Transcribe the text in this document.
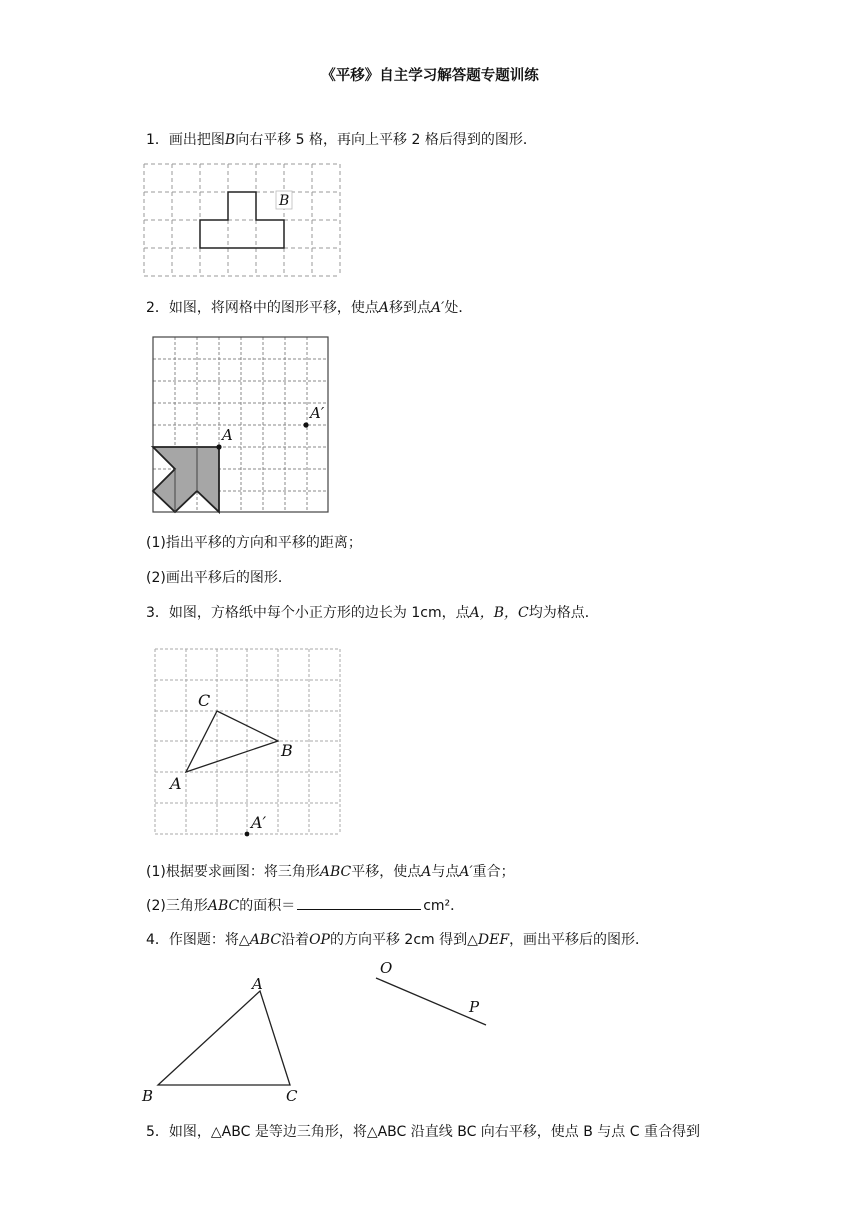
《平移》自主学习解答题专题训练
1．画出把图B向右平移 5 格，再向上平移 2 格后得到的图形．
B
2．如图，将网格中的图形平移，使点A移到点A′处．
A
A′
(1)指出平移的方向和平移的距离；
(2)画出平移后的图形．
3．如图，方格纸中每个小正方形的边长为 1cm，点A，B，C均为格点．
A
C
B
A′
(1)根据要求画图：将三角形ABC平移，使点A与点A′重合；
(2)三角形ABC的面积＝	cm²．
4．作图题：将△ABC沿着OP的方向平移 2cm 得到△DEF，画出平移后的图形．
A
B	C
O
P
5．如图，△ABC 是等边三角形，将△ABC 沿直线 BC 向右平移，使点 B 与点 C 重合得到
